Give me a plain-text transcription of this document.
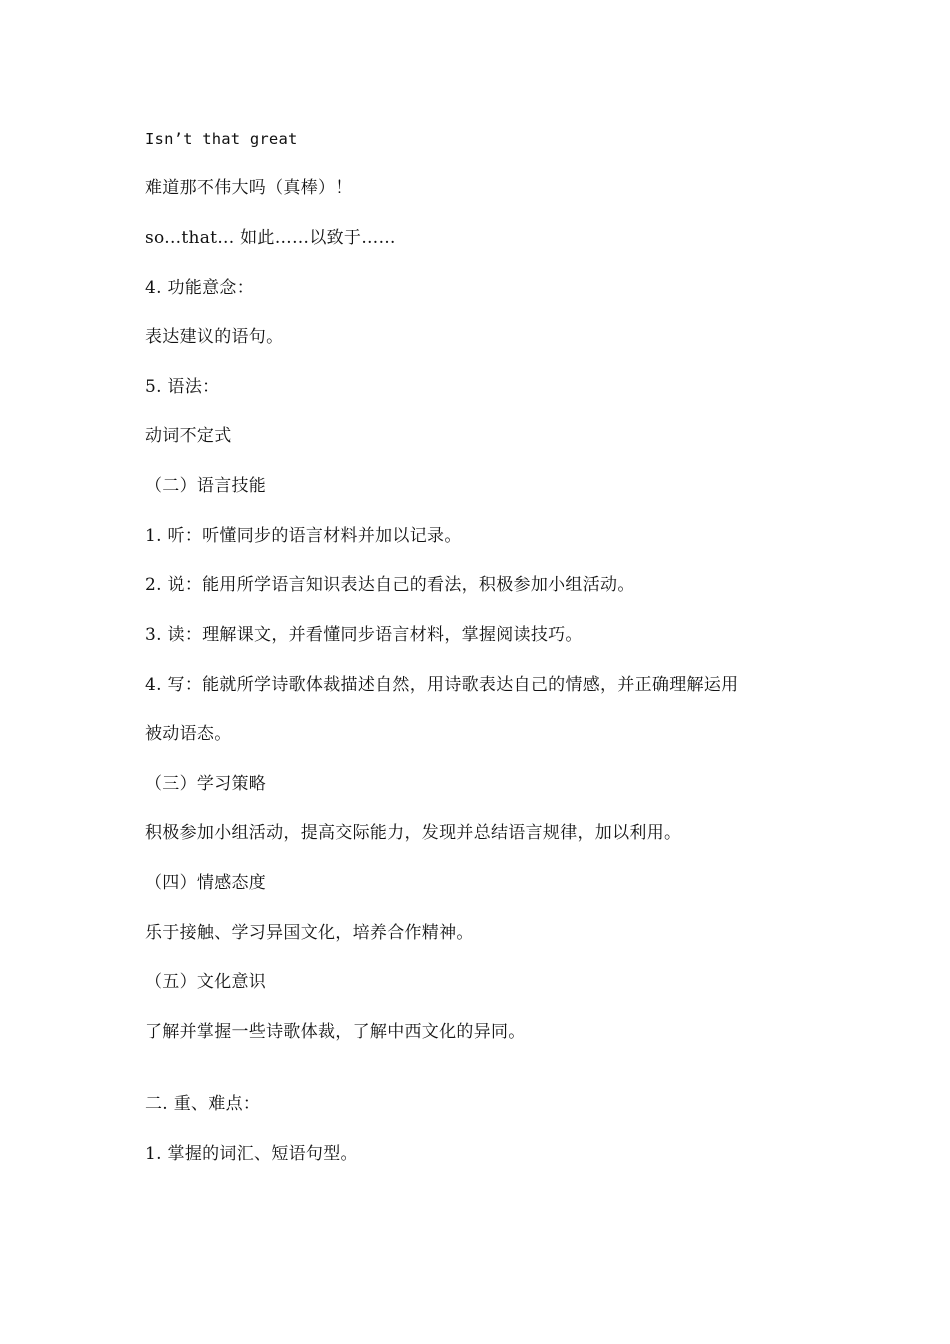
Isn’t that great
难道那不伟大吗（真棒）！
so...that... 如此……以致于……
4. 功能意念：
表达建议的语句。
5. 语法：
动词不定式
（二）语言技能
1. 听：听懂同步的语言材料并加以记录。
2. 说：能用所学语言知识表达自己的看法，积极参加小组活动。
3. 读：理解课文，并看懂同步语言材料，掌握阅读技巧。
4. 写：能就所学诗歌体裁描述自然，用诗歌表达自己的情感，并正确理解运用
被动语态。
（三）学习策略
积极参加小组活动，提高交际能力，发现并总结语言规律，加以利用。
（四）情感态度
乐于接触、学习异国文化，培养合作精神。
（五）文化意识
了解并掌握一些诗歌体裁，了解中西文化的异同。
二. 重、难点：
1. 掌握的词汇、短语句型。
